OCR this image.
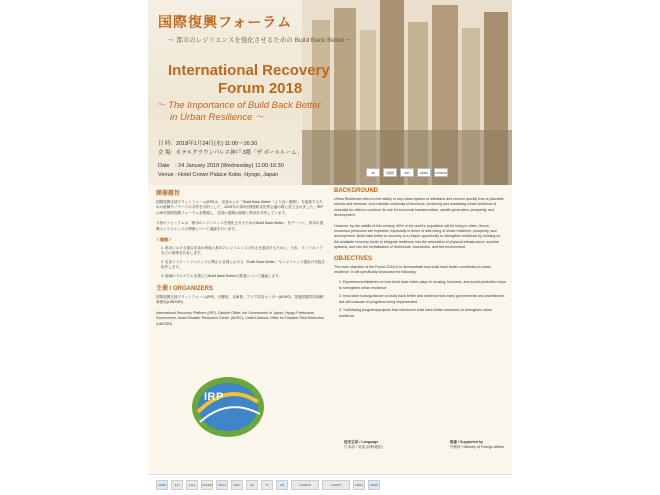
国際復興フォーラム
～ 都市のレジリエンスを強化させるための Build Back Better ～
International Recovery
Forum 2018
～ The Importance of Build Back Better
in Urban Resilience ～
日 時：2018年1月24日(水) 11:00～16:30
会 場：ホテルクラウンパレス神戸 3階「ザ ボールルーム」
Date　: 24 January 2018 (Wednesday) 11:00-16:30
Venue : Hotel Crown Palace Kobe, Hyogo, Japan	JP	内閣府	IRP	ADRC	UNISDR
開催趣旨
国際復興支援プラットフォーム(IRP)は、災害からの「Build Back Better（より良い復興）」を促進するための経験やノウハウの共有を目的として、2005年の第2回国連防災世界会議の際に設立されました。IRPは毎年国際復興フォーラムを開催し、各国の復興の経験と教訓を共有しています。
今回のフォーラムは「都市のレジリエンスを強化させるためのBuild Back Better」をテーマに、都市の復興とレジリエンスの関係について議論を行います。
＜議題＞
1. 都市における複合災害の脅威と都市のレジリエンスの向上を達成するために、日本、インドネシアなどの事例を共有します。
2. 災害リスク・レジリエンスに関わる各国における「Build Back Better」やレジリエンス強化の実践を紹介します。
3. 地域のプログラムを通じたBuild Back Betterの推進について議論します。
主催 / ORGANIZERS
国際復興支援プラットフォーム(IRP)、内閣府、兵庫県、アジア防災センター(ADRC)、国連国際防災戦略事務局(UNISDR)
International Recovery Platform (IRP), Cabinet Office, the Government of Japan, Hyogo Prefectural Government, Asian Disaster Reduction Center (ADRC), United Nations Office for Disaster Risk Reduction (UNISDR)
BACKGROUND
Urban Resilience refers to the ability of any urban system to withstand and recover quickly from a plausible shocks and stresses, and maintain continuity of functions. Achieving and sustaining urban resilience is essential for cities to continue its role for economic transformation, wealth generation, prosperity, and development.
However, by the middle of this century, 60% of the world's population will be living in cities. Hence, numerous pressures are expected, especially in terms of well-being of urban residents, prosperity, and development. Build back better in recovery is a unique opportunity to strengthen resilience by building on the available recovery funds to integrate resilience into the restoration of physical infrastructure, societal systems, and into the revitalization of livelihoods, economies, and the environment.
OBJECTIVES
The main objective of the Forum 2018 is to demonstrate how build back better contributes to urban resilience. It will specifically showcase the following:
1. Experiences/initiatives on how build back better plays in housing, business, and social protection helps to strengthen urban resilience.
2. Innovative tools/guidance on build back better and evidence that many governments and practitioners are still unaware of programs being implemented.
3. Trailblazing programs/projects that introduced build back better measures to strengthen urban resilience.
IRP
使用言語 / Language
日本語 / 英語 (同時通訳)
後援 / Supported by
外務省 / Ministry of Foreign Affairs
UNDP	ILO	JICA	UNCRD	WHO	IFRC	CH	IT	UN	UNISDR	UNOPS	ADRC	UNDP
